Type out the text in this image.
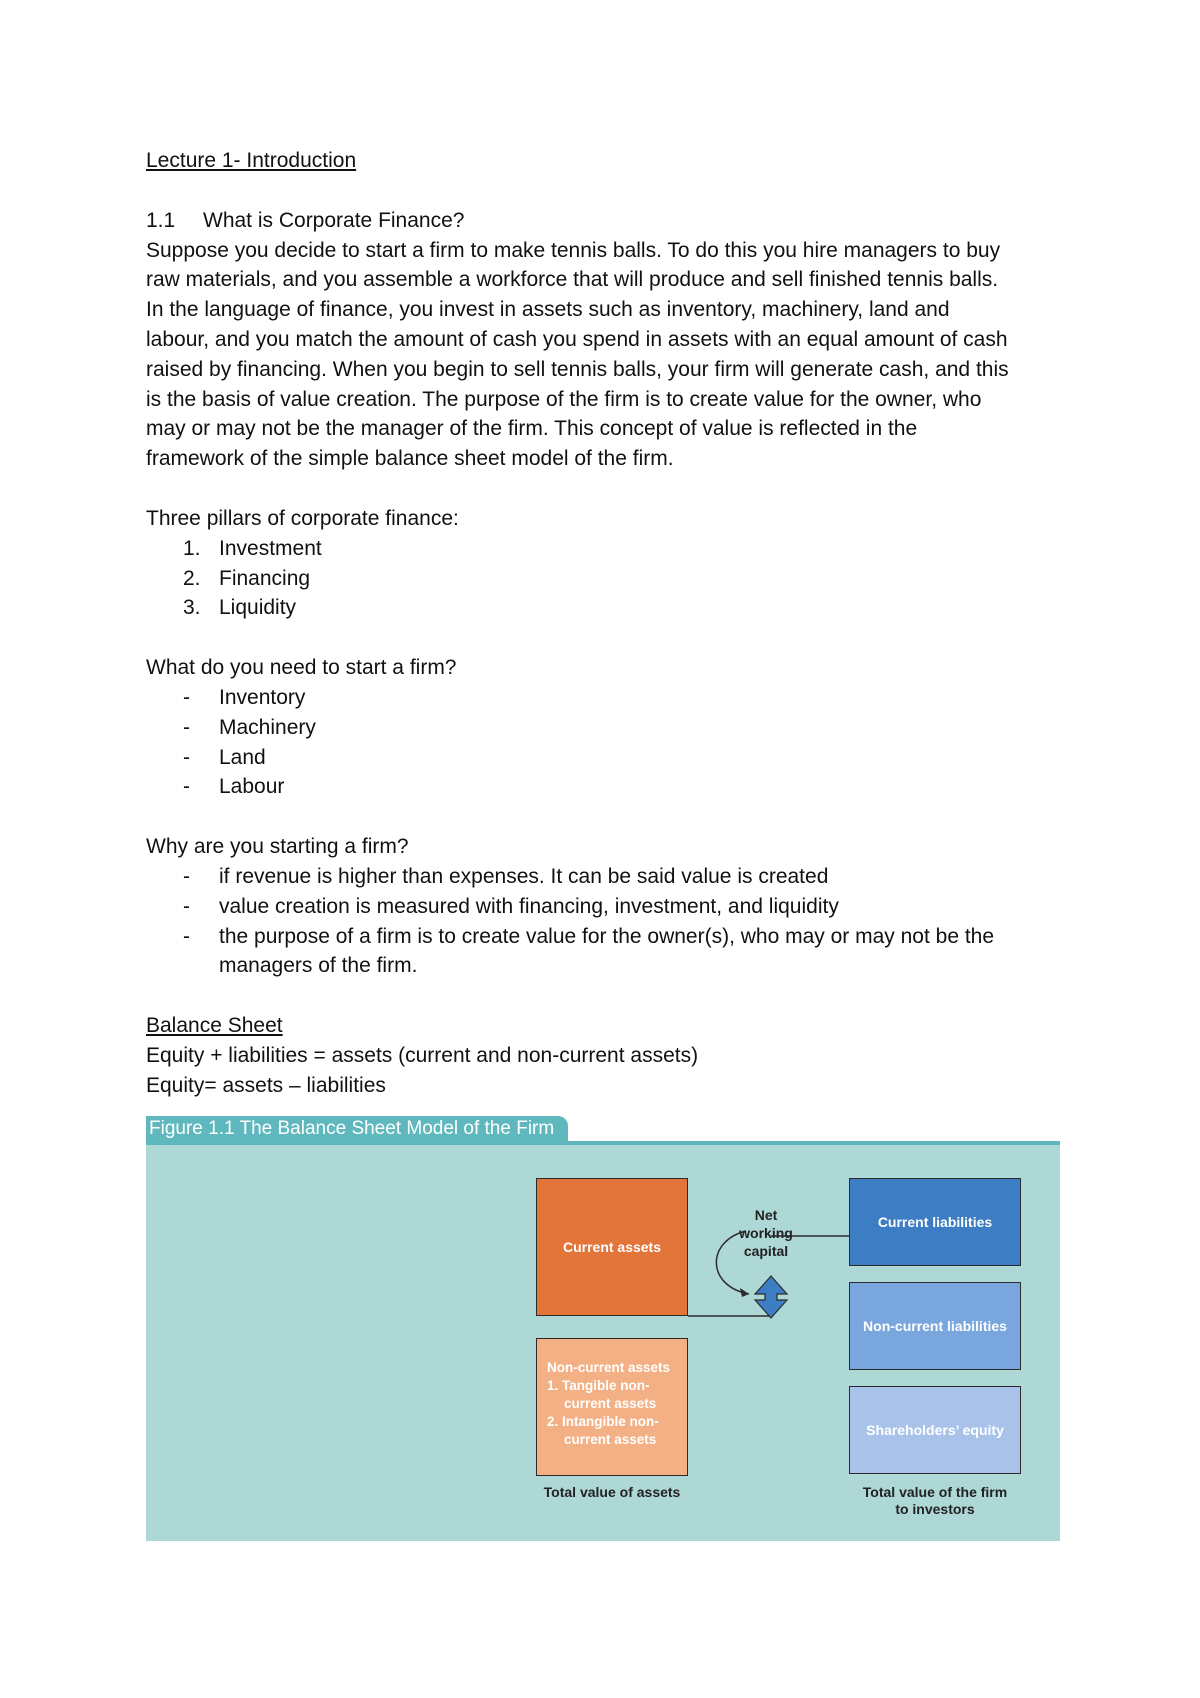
Lecture 1- Introduction

1.1 What is Corporate Finance?

Suppose you decide to start a firm to make tennis balls. To do this you hire managers to buy

raw materials, and you assemble a workforce that will produce and sell finished tennis balls.

In the language of finance, you invest in assets such as inventory, machinery, land and

labour, and you match the amount of cash you spend in assets with an equal amount of cash

raised by financing. When you begin to sell tennis balls, your firm will generate cash, and this

is the basis of value creation. The purpose of the firm is to create value for the owner, who

may or may not be the manager of the firm. This concept of value is reflected in the

framework of the simple balance sheet model of the firm.

Three pillars of corporate finance:

1. Investment
2. Financing
3. Liquidity

What do you need to start a firm?

- Inventory
- Machinery
- Land
- Labour

Why are you starting a firm?

- if revenue is higher than expenses. It can be said value is created
- value creation is measured with financing, investment, and liquidity
- the purpose of a firm is to create value for the owner(s), who may or may not be the managers of the firm.

Balance Sheet

Equity + liabilities = assets (current and non-current assets)

Equity= assets – liabilities

Figure 1.1 The Balance Sheet Model of the Firm
Current assets
Non-current assets
1. Tangible non-
current assets
2. Intangible non-
current assets
Current liabilities
Non-current liabilities
Shareholders’ equity
Net
working
capital
Total value of assets	Total value of the firm
to investors
